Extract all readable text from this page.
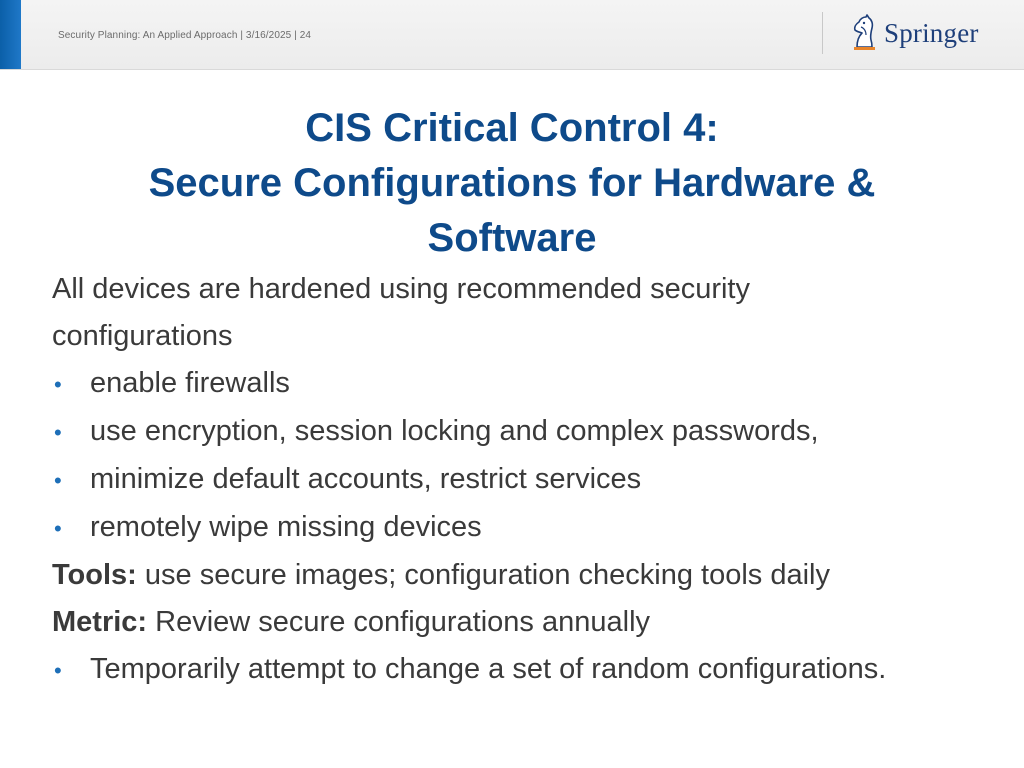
Security Planning: An Applied Approach | 3/16/2025 | 24	Springer
CIS Critical Control 4:
Secure Configurations for Hardware &
Software
All devices are hardened using recommended security
configurations
• enable firewalls
• use encryption, session locking and complex passwords,
• minimize default accounts, restrict services
• remotely wipe missing devices
Tools: use secure images; configuration checking tools daily
Metric: Review secure configurations annually
• Temporarily attempt to change a set of random configurations.
